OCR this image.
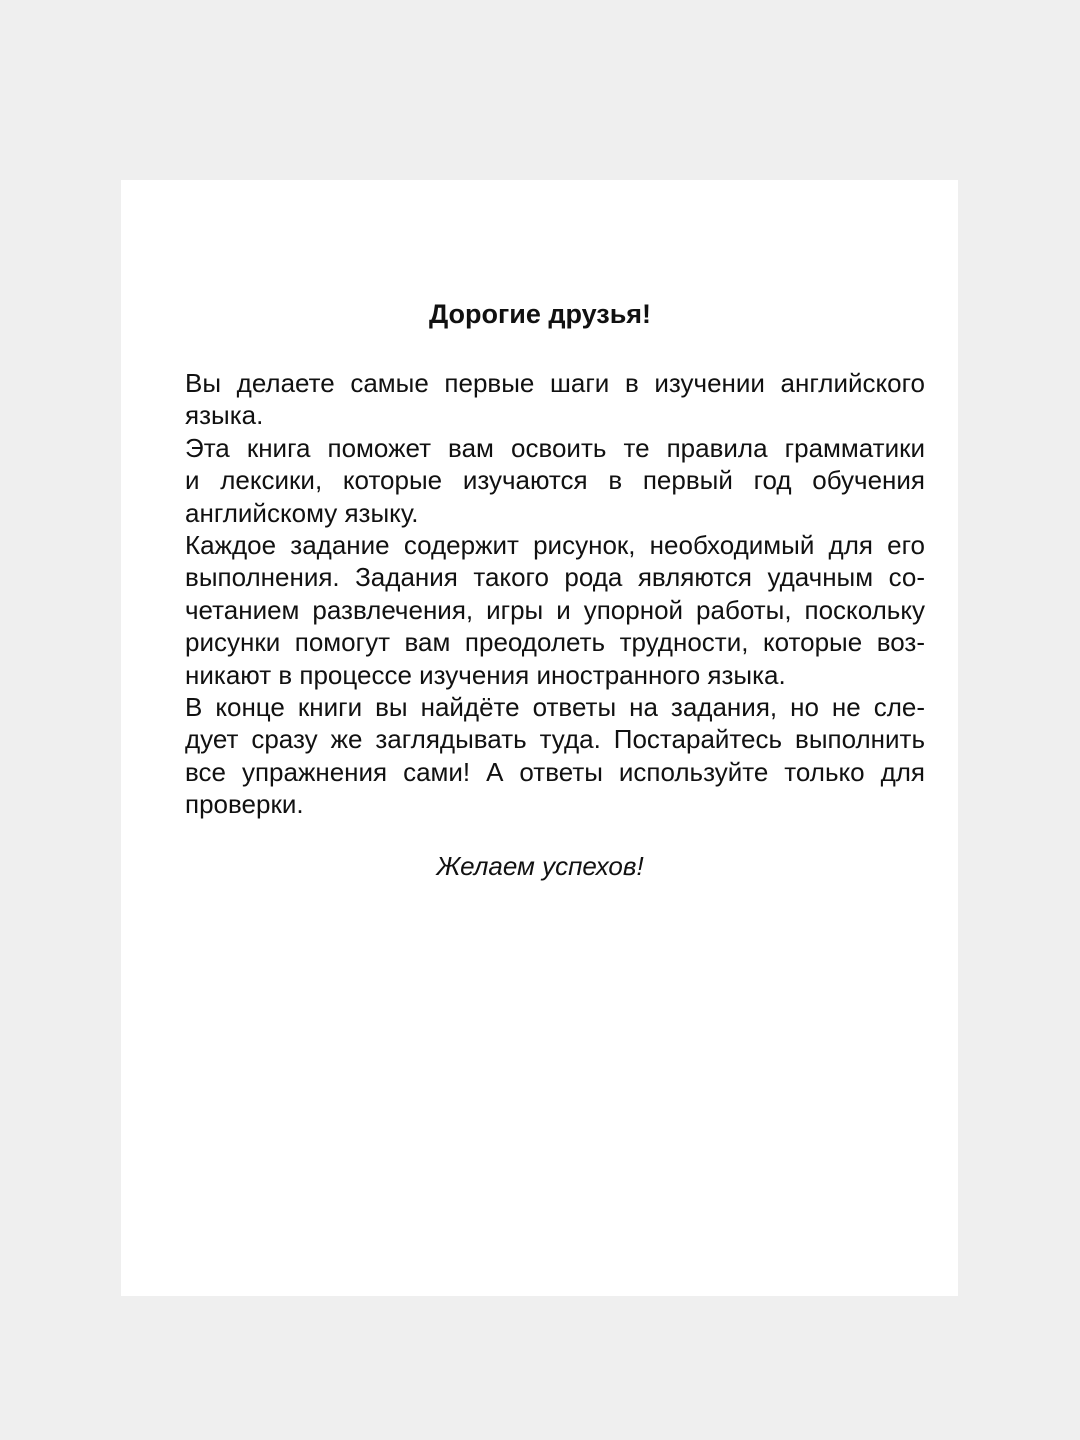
Дорогие друзья!
Вы делаете самые первые шаги в изучении английского
языка.
Эта книга поможет вам освоить те правила грамматики
и лексики, которые изучаются в первый год обучения
английскому языку.
Каждое задание содержит рисунок, необходимый для его
выполнения. Задания такого рода являются удачным со-
четанием развлечения, игры и упорной работы, поскольку
рисунки помогут вам преодолеть трудности, которые воз-
никают в процессе изучения иностранного языка.
В конце книги вы найдёте ответы на задания, но не сле-
дует сразу же заглядывать туда. Постарайтесь выполнить
все упражнения сами! А ответы используйте только для
проверки.

Желаем успехов!
